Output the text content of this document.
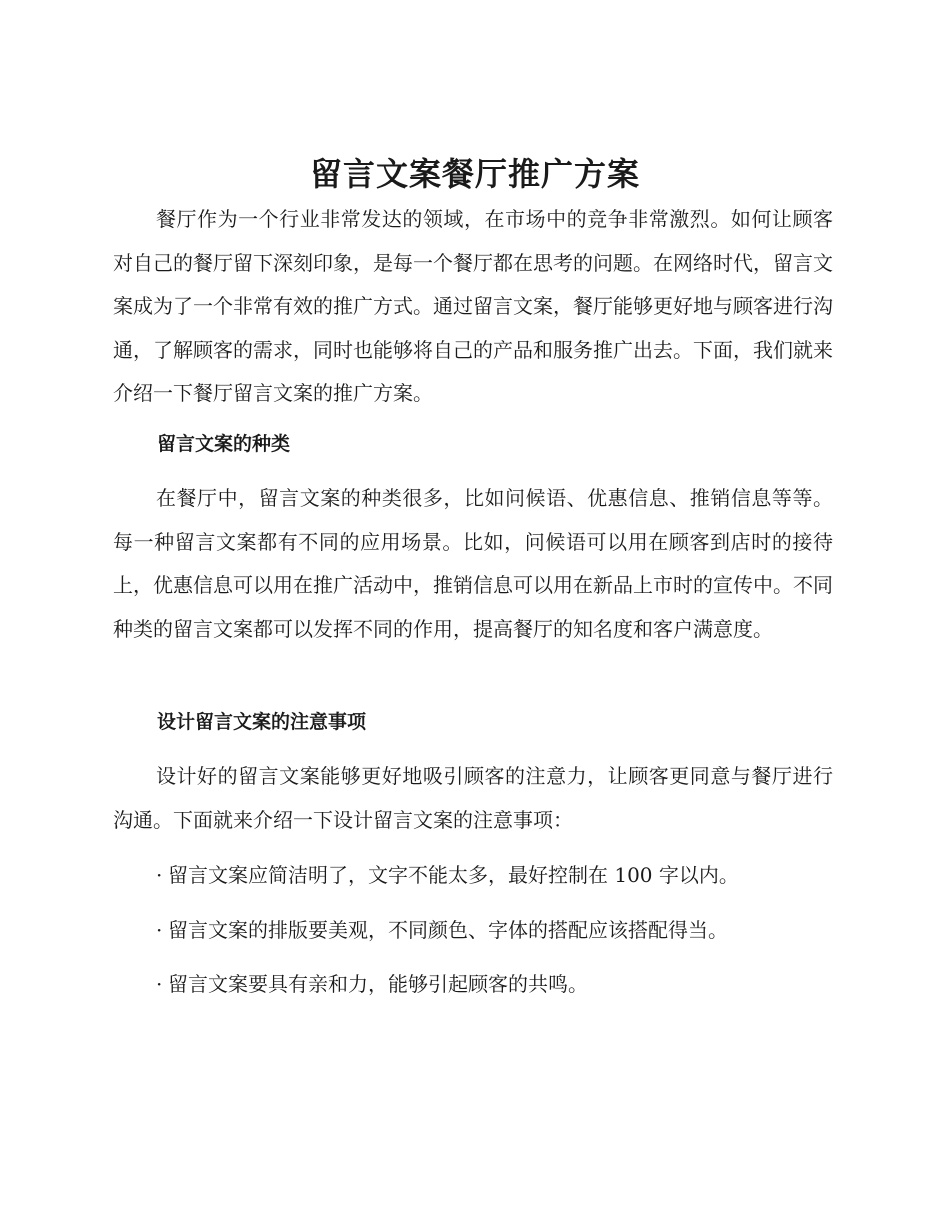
留言文案餐厅推广方案

餐厅作为一个行业非常发达的领域，在市场中的竞争非常激烈。如何让顾客对自己的餐厅留下深刻印象，是每一个餐厅都在思考的问题。在网络时代，留言文案成为了一个非常有效的推广方式。通过留言文案，餐厅能够更好地与顾客进行沟通，了解顾客的需求，同时也能够将自己的产品和服务推广出去。下面，我们就来介绍一下餐厅留言文案的推广方案。

留言文案的种类

在餐厅中，留言文案的种类很多，比如问候语、优惠信息、推销信息等等。每一种留言文案都有不同的应用场景。比如，问候语可以用在顾客到店时的接待上，优惠信息可以用在推广活动中，推销信息可以用在新品上市时的宣传中。不同种类的留言文案都可以发挥不同的作用，提高餐厅的知名度和客户满意度。

设计留言文案的注意事项

设计好的留言文案能够更好地吸引顾客的注意力，让顾客更同意与餐厅进行沟通。下面就来介绍一下设计留言文案的注意事项：

· 留言文案应简洁明了，文字不能太多，最好控制在 100 字以内。

· 留言文案的排版要美观，不同颜色、字体的搭配应该搭配得当。

· 留言文案要具有亲和力，能够引起顾客的共鸣。
